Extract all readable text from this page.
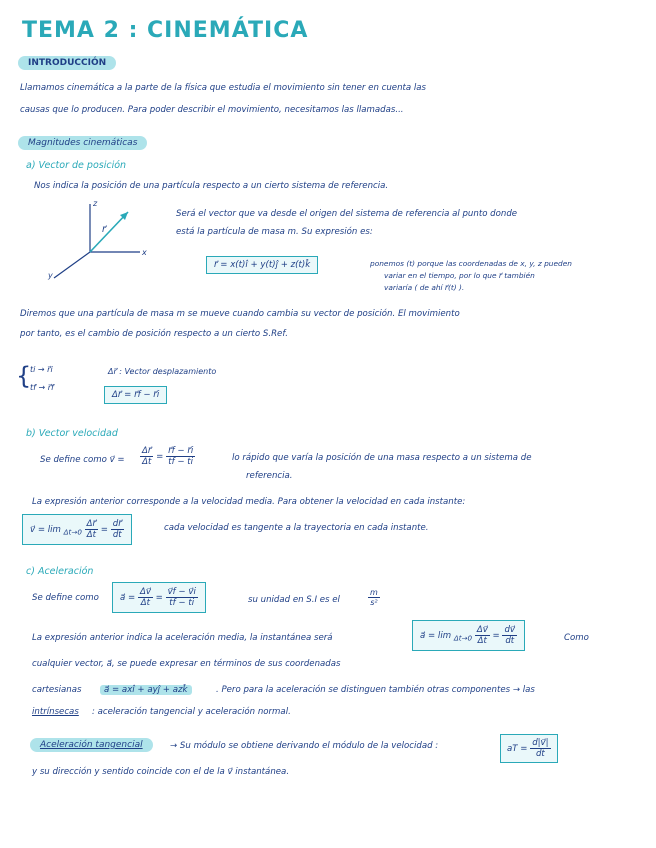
TEMA 2 : CINEMÁTICA
INTRODUCCIÓN
Llamamos cinemática a la parte de la física que estudia el movimiento sin tener en cuenta las
causas que lo producen. Para poder describir el movimiento, necesitamos las llamadas...
Magnitudes cinemáticas
a) Vector de posición
Nos indica la posición de una partícula respecto a un cierto sistema de referencia.
z
x
y
r⃗
Será el vector que va desde el origen del sistema de referencia al punto donde
está la partícula de masa m. Su expresión es:
r⃗ = x(t)î + y(t)ĵ + z(t)k̂	ponemos (t) porque las coordenadas de x, y, z pueden
variar en el tiempo, por lo que r⃗ también
variaría ( de ahí r⃗(t) ).
Diremos que una partícula de masa m se mueve cuando cambia su vector de posición. El movimiento
por tanto, es el cambio de posición respecto a un cierto S.Ref.
{
ti → r⃗i
tf → r⃗f
Δr⃗ : Vector desplazamiento
Δr⃗ = r⃗f − r⃗i
b) Vector velocidad
Se define como v⃗ = $\frac{\Delta r⃗}{\Delta t} = \frac{r⃗f - r⃗i}{tf - ti}$	lo rápido que varía la posición de una masa respecto a un sistema de
referencia.
La expresión anterior corresponde a la velocidad media. Para obtener la velocidad en cada instante:
v⃗ = $\lim _{\Delta t\to 0} \frac{\Delta r⃗}{\Delta t} = \frac{dr⃗}{dt}$	cada velocidad es tangente a la trayectoria en cada instante.
c) Aceleración
Se define como	a⃗ = $\frac{\Delta v⃗}{\Delta t} = \frac{v⃗f - v⃗i}{tf - ti}$	su unidad en S.I es el	$\frac{m}{\text{s²}}$
La expresión anterior indica la aceleración media, la instantánea será	a⃗ = $\lim _{\Delta t\to 0} \frac{\Delta v⃗}{\Delta t} = \frac{dv⃗}{dt}$	Como
cualquier vector, a⃗, se puede expresar en términos de sus coordenadas
cartesianas	a⃗ = axî + ayĵ + azk̂	. Pero para la aceleración se distinguen también otras componentes → las
intrínsecas : aceleración tangencial y aceleración normal.
Aceleración tangencial	→ Su módulo se obtiene derivando el módulo de la velocidad :	aT = $\frac{d|v⃗|}{dt}$
y su dirección y sentido coincide con el de la v⃗ instantánea.
